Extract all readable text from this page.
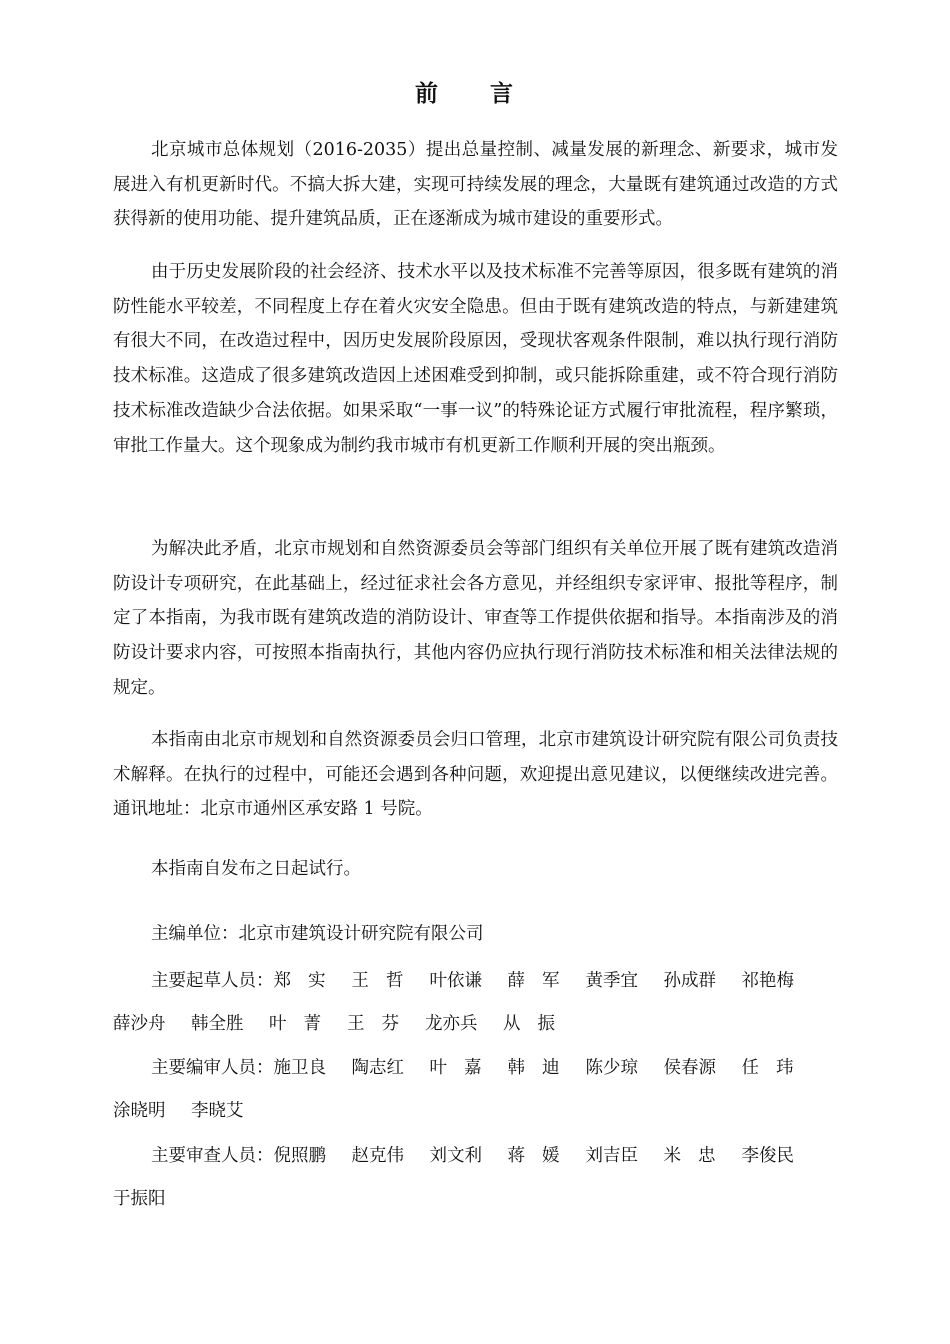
前 言

北京城市总体规划（2016-2035）提出总量控制、减量发展的新理念、新要求，城市发展进入有机更新时代。不搞大拆大建，实现可持续发展的理念，大量既有建筑通过改造的方式获得新的使用功能、提升建筑品质，正在逐渐成为城市建设的重要形式。

由于历史发展阶段的社会经济、技术水平以及技术标准不完善等原因，很多既有建筑的消防性能水平较差，不同程度上存在着火灾安全隐患。但由于既有建筑改造的特点，与新建建筑有很大不同，在改造过程中，因历史发展阶段原因，受现状客观条件限制，难以执行现行消防技术标准。这造成了很多建筑改造因上述困难受到抑制，或只能拆除重建，或不符合现行消防技术标准改造缺少合法依据。如果采取“一事一议”的特殊论证方式履行审批流程，程序繁琐，审批工作量大。这个现象成为制约我市城市有机更新工作顺利开展的突出瓶颈。

为解决此矛盾，北京市规划和自然资源委员会等部门组织有关单位开展了既有建筑改造消防设计专项研究，在此基础上，经过征求社会各方意见，并经组织专家评审、报批等程序，制定了本指南，为我市既有建筑改造的消防设计、审查等工作提供依据和指导。本指南涉及的消防设计要求内容，可按照本指南执行，其他内容仍应执行现行消防技术标准和相关法律法规的规定。

本指南由北京市规划和自然资源委员会归口管理，北京市建筑设计研究院有限公司负责技术解释。在执行的过程中，可能还会遇到各种问题，欢迎提出意见建议，以便继续改进完善。通讯地址：北京市通州区承安路 1 号院。

本指南自发布之日起试行。

主编单位：北京市建筑设计研究院有限公司

主要起草人员：郑实 王哲 叶依谦 薛军 黄季宜 孙成群 祁艳梅
薛沙舟 韩全胜 叶菁 王芬 龙亦兵 从振
主要编审人员：施卫良 陶志红 叶嘉 韩迪 陈少琼 侯春源 任玮
涂晓明 李晓艾
主要审查人员：倪照鹏 赵克伟 刘文利 蒋媛 刘吉臣 米忠 李俊民
于振阳
